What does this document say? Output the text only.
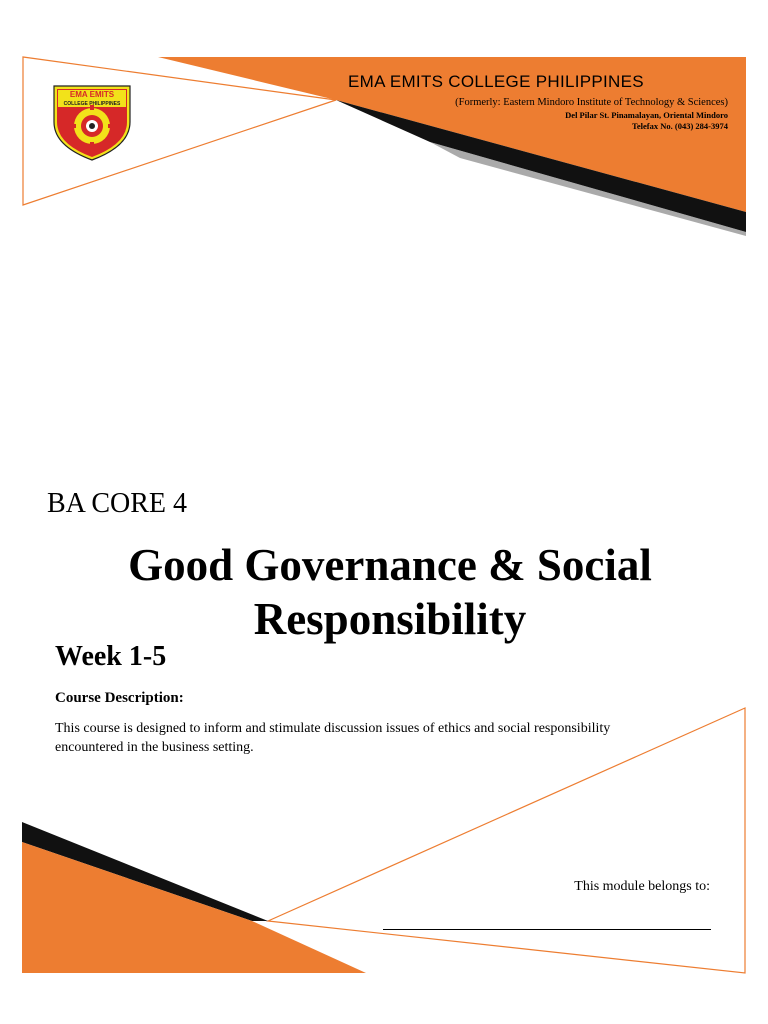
EMA EMITS
COLLEGE PHILIPPINES
EMA EMITS COLLEGE PHILIPPINES
(Formerly: Eastern Mindoro Institute of Technology & Sciences)
Del Pilar St. Pinamalayan, Oriental Mindoro
Telefax No. (043) 284-3974
BA CORE 4
Good Governance & Social Responsibility
Week 1-5
Course Description:
This course is designed to inform and stimulate discussion issues of ethics and social responsibility encountered in the business setting.
This module belongs to:
